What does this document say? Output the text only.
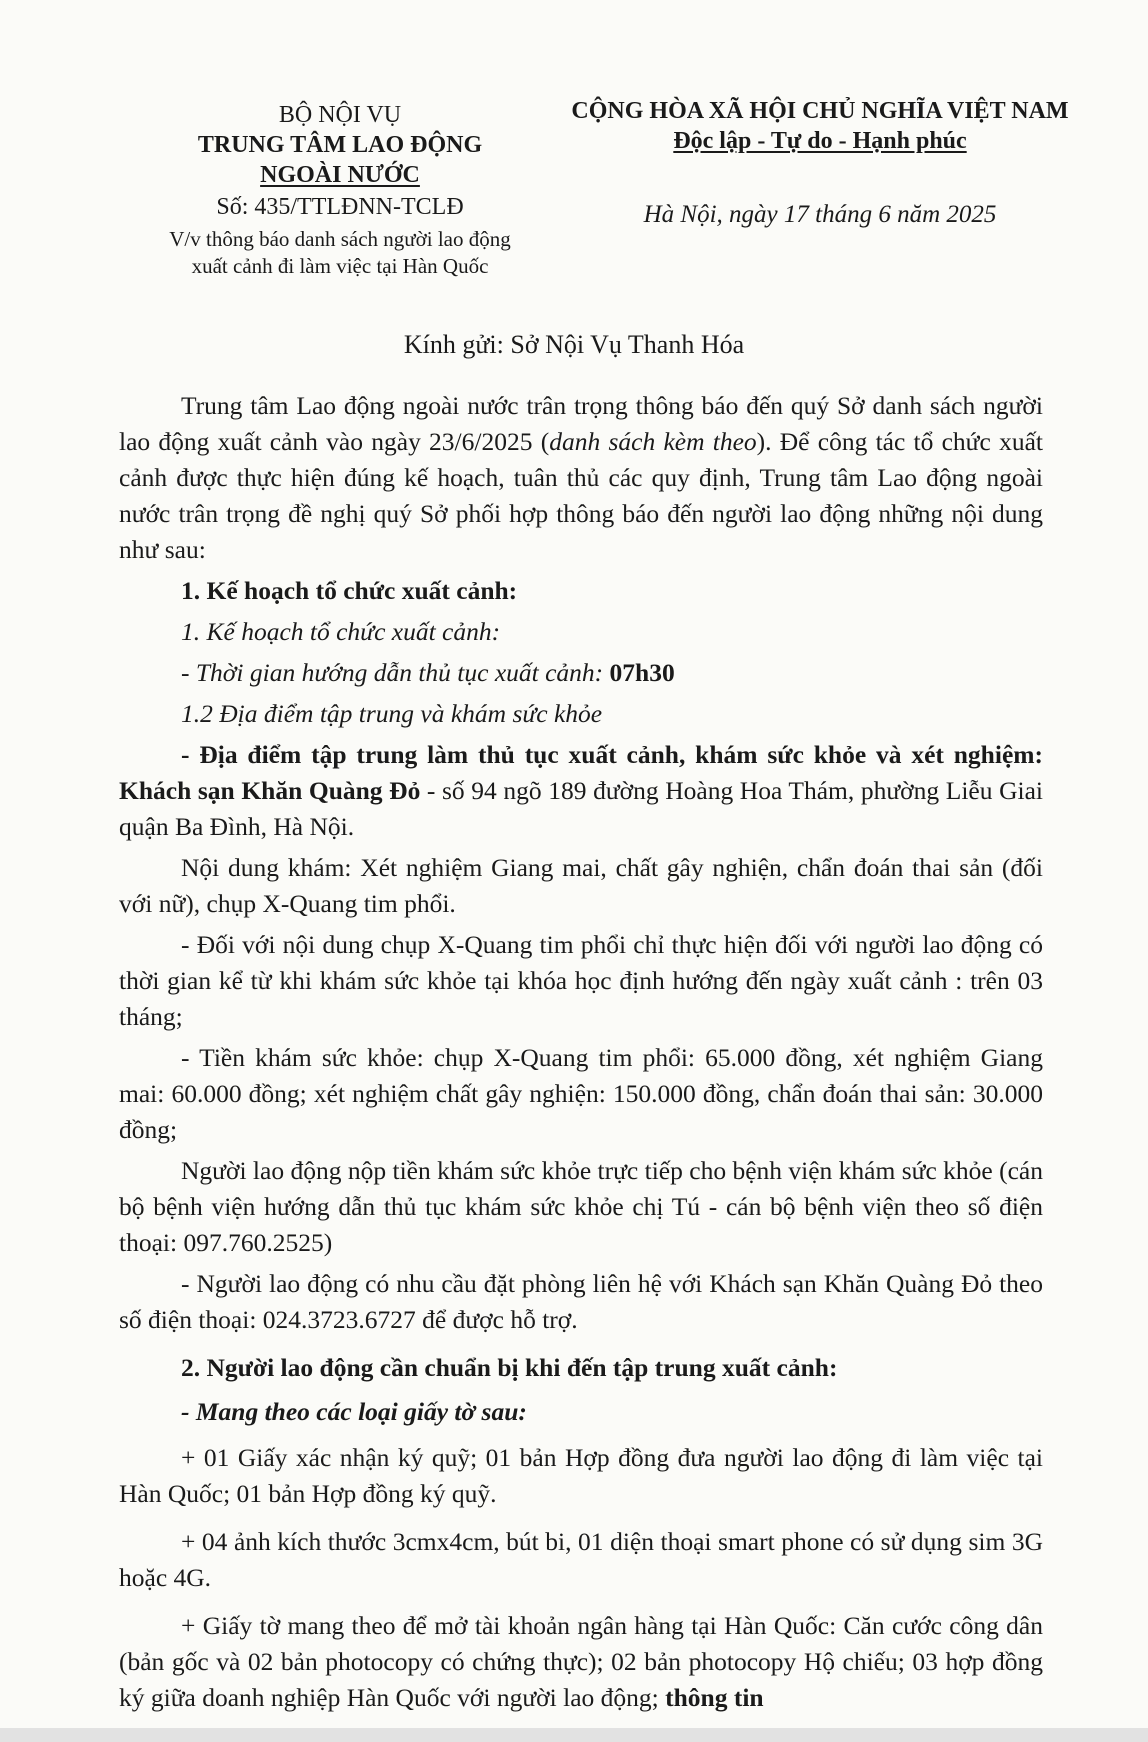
BỘ NỘI VỤ
TRUNG TÂM LAO ĐỘNG
NGOÀI NƯỚC
Số: 435/TTLĐNN-TCLĐ
V/v thông báo danh sách người lao động
xuất cảnh đi làm việc tại Hàn Quốc
CỘNG HÒA XÃ HỘI CHỦ NGHĨA VIỆT NAM
Độc lập - Tự do - Hạnh phúc
Hà Nội, ngày 17 tháng 6 năm 2025
Kính gửi: Sở Nội Vụ Thanh Hóa

Trung tâm Lao động ngoài nước trân trọng thông báo đến quý Sở danh sách người lao động xuất cảnh vào ngày 23/6/2025 (danh sách kèm theo). Để công tác tổ chức xuất cảnh được thực hiện đúng kế hoạch, tuân thủ các quy định, Trung tâm Lao động ngoài nước trân trọng đề nghị quý Sở phối hợp thông báo đến người lao động những nội dung như sau:

1. Kế hoạch tổ chức xuất cảnh:

1. Kế hoạch tổ chức xuất cảnh:

- Thời gian hướng dẫn thủ tục xuất cảnh: 07h30

1.2 Địa điểm tập trung và khám sức khỏe

- Địa điểm tập trung làm thủ tục xuất cảnh, khám sức khỏe và xét nghiệm: Khách sạn Khăn Quàng Đỏ - số 94 ngõ 189 đường Hoàng Hoa Thám, phường Liễu Giai quận Ba Đình, Hà Nội.

Nội dung khám: Xét nghiệm Giang mai, chất gây nghiện, chẩn đoán thai sản (đối với nữ), chụp X-Quang tim phổi.

- Đối với nội dung chụp X-Quang tim phổi chỉ thực hiện đối với người lao động có thời gian kể từ khi khám sức khỏe tại khóa học định hướng đến ngày xuất cảnh : trên 03 tháng;

- Tiền khám sức khỏe: chụp X-Quang tim phổi: 65.000 đồng, xét nghiệm Giang mai: 60.000 đồng; xét nghiệm chất gây nghiện: 150.000 đồng, chẩn đoán thai sản: 30.000 đồng;

Người lao động nộp tiền khám sức khỏe trực tiếp cho bệnh viện khám sức khỏe (cán bộ bệnh viện hướng dẫn thủ tục khám sức khỏe chị Tú - cán bộ bệnh viện theo số điện thoại: 097.760.2525)

- Người lao động có nhu cầu đặt phòng liên hệ với Khách sạn Khăn Quàng Đỏ theo số điện thoại: 024.3723.6727 để được hỗ trợ.

2. Người lao động cần chuẩn bị khi đến tập trung xuất cảnh:

- Mang theo các loại giấy tờ sau:

+ 01 Giấy xác nhận ký quỹ; 01 bản Hợp đồng đưa người lao động đi làm việc tại Hàn Quốc; 01 bản Hợp đồng ký quỹ.

+ 04 ảnh kích thước 3cmx4cm, bút bi, 01 diện thoại smart phone có sử dụng sim 3G hoặc 4G.

+ Giấy tờ mang theo để mở tài khoản ngân hàng tại Hàn Quốc: Căn cước công dân (bản gốc và 02 bản photocopy có chứng thực); 02 bản photocopy Hộ chiếu; 03 hợp đồng ký giữa doanh nghiệp Hàn Quốc với người lao động; thông tin
